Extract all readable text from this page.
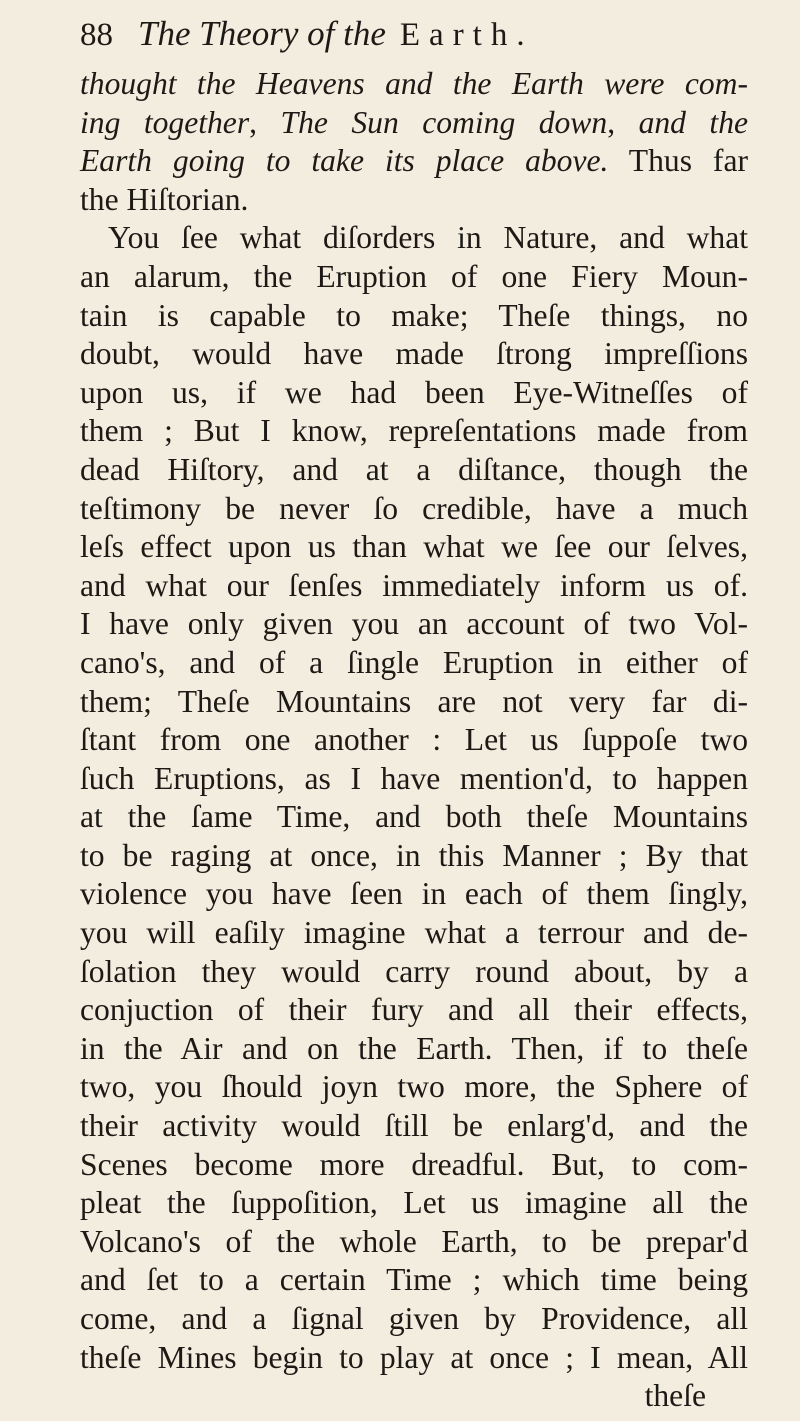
88 The Theory of the Earth.
thought the Heavens and the Earth were com-
ing together, The Sun coming down, and the
Earth going to take its place above. Thus far
the Hiſtorian.
You ſee what diſorders in Nature, and what
an alarum, the Eruption of one Fiery Moun-
tain is capable to make; Theſe things, no
doubt, would have made ſtrong impreſſions
upon us, if we had been Eye-Witneſſes of
them ; But I know, repreſentations made from
dead Hiſtory, and at a diſtance, though the
teſtimony be never ſo credible, have a much
leſs effect upon us than what we ſee our ſelves,
and what our ſenſes immediately inform us of.
I have only given you an account of two Vol-
cano's, and of a ſingle Eruption in either of
them; Theſe Mountains are not very far di-
ſtant from one another : Let us ſuppoſe two
ſuch Eruptions, as I have mention'd, to happen
at the ſame Time, and both theſe Mountains
to be raging at once, in this Manner ; By that
violence you have ſeen in each of them ſingly,
you will eaſily imagine what a terrour and de-
ſolation they would carry round about, by a
conjuction of their fury and all their effects,
in the Air and on the Earth. Then, if to theſe
two, you ſhould joyn two more, the Sphere of
their activity would ſtill be enlarg'd, and the
Scenes become more dreadful. But, to com-
pleat the ſuppoſition, Let us imagine all the
Volcano's of the whole Earth, to be prepar'd
and ſet to a certain Time ; which time being
come, and a ſignal given by Providence, all
theſe Mines begin to play at once ; I mean, All
theſe
